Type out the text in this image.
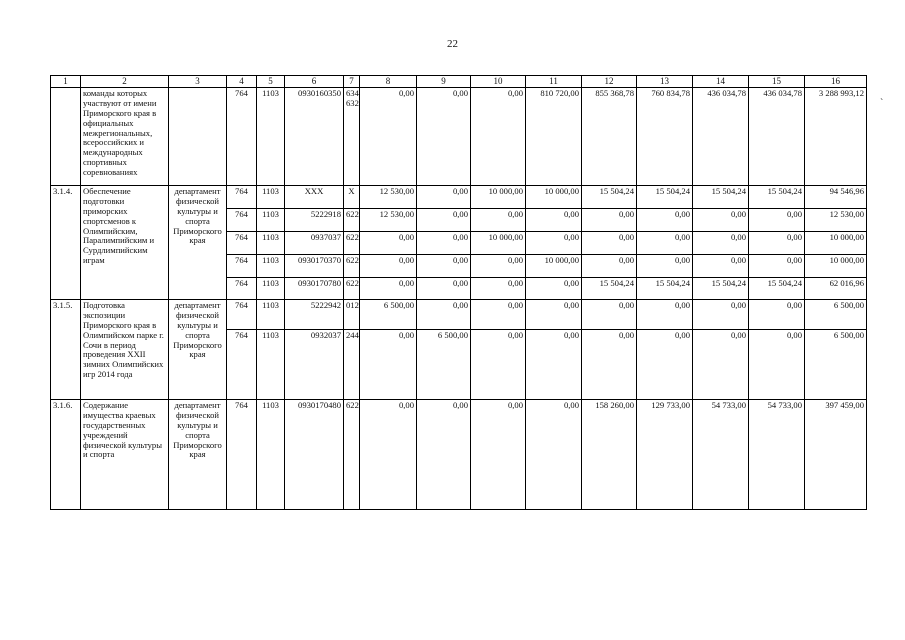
22
`
1	2	3	4	5	6	7	8	9	10	11	12	13	14	15	16
	команды которых участвуют от имени Приморского края в официальных межрегиональных, всероссийских и международных спортивных соревнованиях		764	1103	0930160350	634 632	0,00	0,00	0,00	810 720,00	855 368,78	760 834,78	436 034,78	436 034,78	3 288 993,12
3.1.4.	Обеспечение подготовки приморских спортсменов к Олимпийским, Паралимпийским и Сурдлимпийским играм	департамент физической культуры и спорта Приморского края	764	1103	XXX	X	12 530,00	0,00	10 000,00	10 000,00	15 504,24	15 504,24	15 504,24	15 504,24	94 546,96
			764	1103	5222918	622	12 530,00	0,00	0,00	0,00	0,00	0,00	0,00	0,00	12 530,00
			764	1103	0937037	622	0,00	0,00	10 000,00	0,00	0,00	0,00	0,00	0,00	10 000,00
			764	1103	0930170370	622	0,00	0,00	0,00	10 000,00	0,00	0,00	0,00	0,00	10 000,00
			764	1103	0930170780	622	0,00	0,00	0,00	0,00	15 504,24	15 504,24	15 504,24	15 504,24	62 016,96
3.1.5.	Подготовка экспозиции Приморского края в Олимпийском парке г. Сочи в период проведения XXII зимних Олимпийских игр 2014 года	департамент физической культуры и спорта Приморского края	764	1103	5222942	012	6 500,00	0,00	0,00	0,00	0,00	0,00	0,00	0,00	6 500,00
			764	1103	0932037	244	0,00	6 500,00	0,00	0,00	0,00	0,00	0,00	0,00	6 500,00
3.1.6.	Содержание имущества краевых государственных учреждений физической культуры и спорта	департамент физической культуры и спорта Приморского края	764	1103	0930170480	622	0,00	0,00	0,00	0,00	158 260,00	129 733,00	54 733,00	54 733,00	397 459,00
